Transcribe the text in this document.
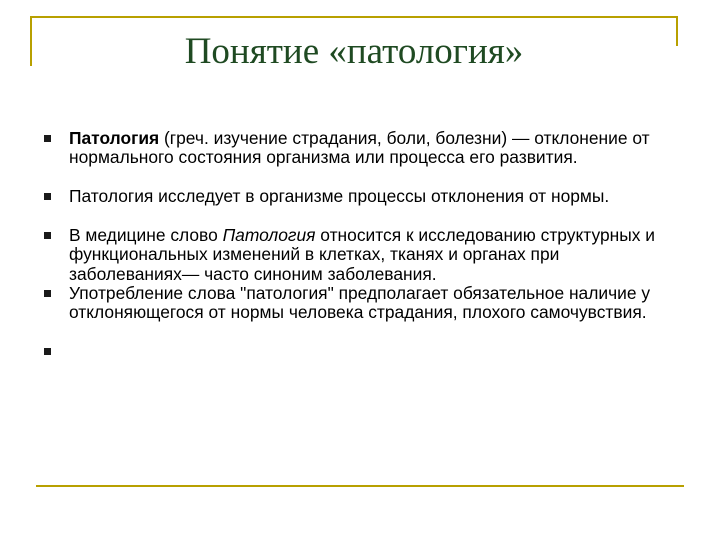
Понятие «патология»
Патология (греч. изучение страдания, боли, болезни) — отклонение от нормального состояния организма или процесса его развития.
Патология исследует в организме процессы отклонения от нормы.
В медицине слово Патология относится к исследованию структурных и функциональных изменений в клетках, тканях и органах при заболеваниях— часто синоним заболевания.
Употребление слова "патология" предполагает обязательное наличие у отклоняющегося от нормы человека страдания, плохого самочувствия.
